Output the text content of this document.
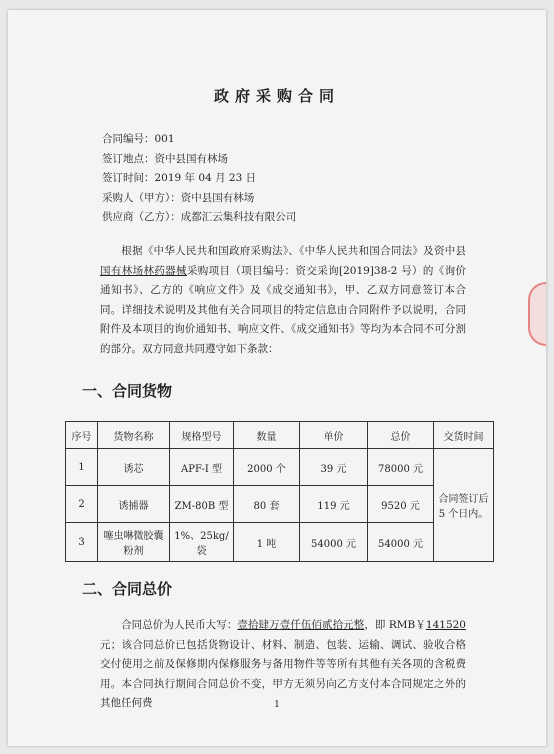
政府采购合同
合同编号：001
签订地点：资中县国有林场
签订时间：2019 年 04 月 23 日
采购人（甲方）：资中县国有林场
供应商（乙方）：成都汇云集科技有限公司
  根据《中华人民共和国政府采购法》、《中华人民共和国合同法》及资中县国有林场林药器械采购项目（项目编号：资交采询[2019]38-2 号）的《询价通知书》、乙方的《响应文件》及《成交通知书》，甲、乙双方同意签订本合同。详细技术说明及其他有关合同项目的特定信息由合同附件予以说明，合同附件及本项目的询价通知书、响应文件、《成交通知书》等均为本合同不可分割的部分。双方同意共同遵守如下条款：
一、合同货物
序号	货物名称	规格型号	数量	单价	总价	交货时间
1	诱芯	APF-I 型	2000 个	39 元	78000 元	合同签订后 5 个日内。
2	诱捕器	ZM-80B 型	80 套	119 元	9520 元	
3	噻虫啉微胶囊粉剂	1%、25kg/袋	1 吨	54000 元	54000 元	
二、合同总价
  合同总价为人民币大写：壹拾肆万壹仟伍佰贰拾元整，即 RMB￥141520元；该合同总价已包括货物设计、材料、制造、包装、运输、调试、验收合格交付使用之前及保修期内保修服务与备用物件等等所有其他有关各项的含税费用。本合同执行期间合同总价不变，甲方无须另向乙方支付本合同规定之外的其他任何费	1
